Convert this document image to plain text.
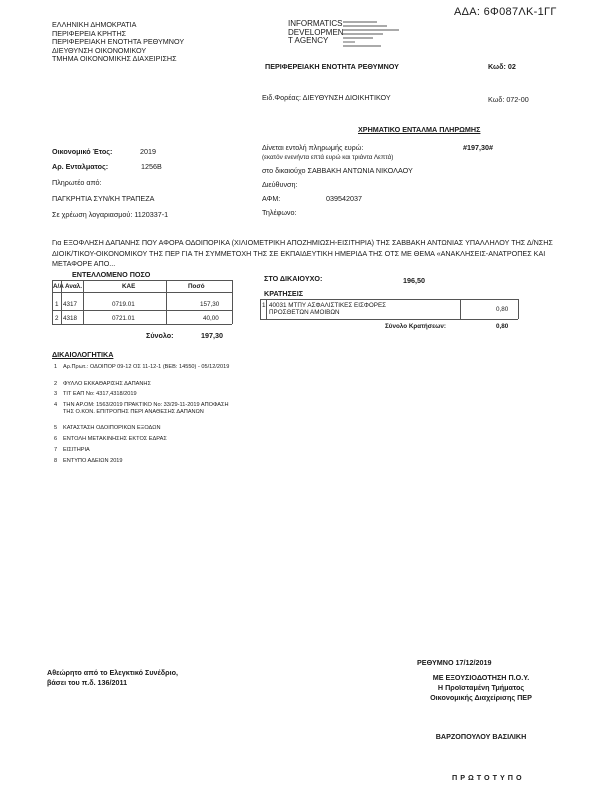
ΑΔΑ: 6Φ087ΛΚ-1ΓΓ
ΕΛΛΗΝΙΚΗ ΔΗΜΟΚΡΑΤΙΑ
ΠΕΡΙΦΕΡΕΙΑ ΚΡΗΤΗΣ
ΠΕΡΙΦΕΡΕΙΑΚΗ ΕΝΟΤΗΤΑ ΡΕΘΥΜΝΟΥ
ΔΙΕΥΘΥΝΣΗ ΟΙΚΟΝΟΜΙΚΟΥ
ΤΜΗΜΑ ΟΙΚΟΝΟΜΙΚΗΣ ΔΙΑΧΕΙΡΙΣΗΣ
INFORMATICS
DEVELOPMEN
T AGENCY
ΠΕΡΙΦΕΡΕΙΑΚΗ ΕΝΟΤΗΤΑ ΡΕΘΥΜΝΟΥ	Κωδ: 02
Ειδ.Φορέας: ΔΙΕΥΘΥΝΣΗ ΔΙΟΙΚΗΤΙΚΟΥ	Κωδ: 072-00
ΧΡΗΜΑΤΙΚΟ ΕΝΤΑΛΜΑ ΠΛΗΡΩΜΗΣ
Οικονομικό Έτος:	2019
Αρ. Ενταλματος:	1256Β
Πληρωτέο από:
ΠΑΓΚΡΗΤΙΑ ΣΥΝ/ΚΗ ΤΡΑΠΕΖΑ
Σε χρέωση λογαριασμού: 1120337-1
Δίνεται εντολή πληρωμής ευρώ:	#197,30#
(εκατόν ενενήντα επτά ευρώ και τριάντα Λεπτά)
στο δικαιούχο ΣΑΒΒΑΚΗ ΑΝΤΩΝΙΑ ΝΙΚΟΛΑΟΥ
Διεύθυνση:
ΑΦΜ:	039542037
Τηλέφωνο:
Για ΕΞΟΦΛΗΣΗ ΔΑΠΑΝΗΣ ΠΟΥ ΑΦΟΡΑ ΟΔΟΙΠΟΡΙΚΑ (ΧΙΛΙΟΜΕΤΡΙΚΗ ΑΠΟΖΗΜΙΩΣΗ-ΕΙΣΙΤΗΡΙΑ) ΤΗΣ ΣΑΒΒΑΚΗ ΑΝΤΩΝΙΑΣ ΥΠΑΛΛΗΛΟΥ ΤΗΣ Δ/ΝΣΗΣ ΔΙΟΙΚ/ΤΙΚΟΥ-ΟΙΚΟΝΟΜΙΚΟΥ ΤΗΣ ΠΕΡ ΓΙΑ ΤΗ ΣΥΜΜΕΤΟΧΗ ΤΗΣ ΣΕ ΕΚΠΑΙΔΕΥΤΙΚΗ ΗΜΕΡΙΔΑ ΤΗΣ ΟΤΣ ΜΕ ΘΕΜΑ «ΑΝΑΚΛΗΣΕΙΣ-ΑΝΑΤΡΟΠΕΣ ΚΑΙ ΜΕΤΑΦΟΡΕ ΑΠΟ...
ΕΝΤΕΛΛΟΜΕΝΟ ΠΟΣΟ
Α/Α Αναλ.	ΚΑΕ	Ποσό
1 4317	0719.01	157,30
2 4318	0721.01	40,00
Σύνολο:	197,30
ΣΤΟ ΔΙΚΑΙΟΥΧΟ:	196,50
ΚΡΑΤΗΣΕΙΣ
1 40031 ΜΤΠΥ ΑΣΦΑΛΙΣΤΙΚΕΣ ΕΙΣΦΟΡΕΣ ΠΡΟΣΘΕΤΩΝ ΑΜΟΙΒΩΝ	0,80
Σύνολο Κρατήσεων:	0,80
ΔΙΚΑΙΟΛΟΓΗΤΙΚΑ
1 Αρ.Πρωτ.: ΟΔΟΙΠΟΡ 09-12 ΟΣ 11-12-1 (ΒΕΒ: 14550) - 05/12/2019
2 ΦΥΛΛΟ ΕΚΚΑΘΑΡΙΣΗΣ ΔΑΠΑΝΗΣ
3 ΤΙΤ ΕΑΠ Νο: 4317,4318/2019
4 ΤΗΝ ΑΡ.ΟΜ: 1563/2019 ΠΡΑΚΤΙΚΟ Νο: 33/29-11-2019 ΑΠΟΦΑΣΗ ΤΗΣ Ο.ΚΟΝ. ΕΠΙΤΡΟΠΗΣ ΠΕΡΙ ΑΝΑΘΕΣΗΣ ΔΑΠΑΝΩΝ
5 ΚΑΤΑΣΤΑΣΗ ΟΔΟΙΠΟΡΙΚΩΝ ΕΞΟΔΩΝ
6 ΕΝΤΟΛΗ ΜΕΤΑΚΙΝΗΣΗΣ ΕΚΤΟΣ ΕΔΡΑΣ
7 ΕΙΣΙΤΗΡΙΑ
8 ΕΝΤΥΠΟ ΑΔΕΙΩΝ 2019
ΡΕΘΥΜΝΟ 17/12/2019
ΜΕ ΕΞΟΥΣΙΟΔΟΤΗΣΗ Π.Ο.Υ.
Η Προϊσταμένη Τμήματος
Οικονομικής Διαχείρισης ΠΕΡ
ΒΑΡΖΟΠΟΥΛΟΥ ΒΑΣΙΛΙΚΗ
Αθεώρητο από το Ελεγκτικό Συνέδριο,
βάσει του π.δ. 136/2011
ΠΡΩΤΟΤΥΠΟ
